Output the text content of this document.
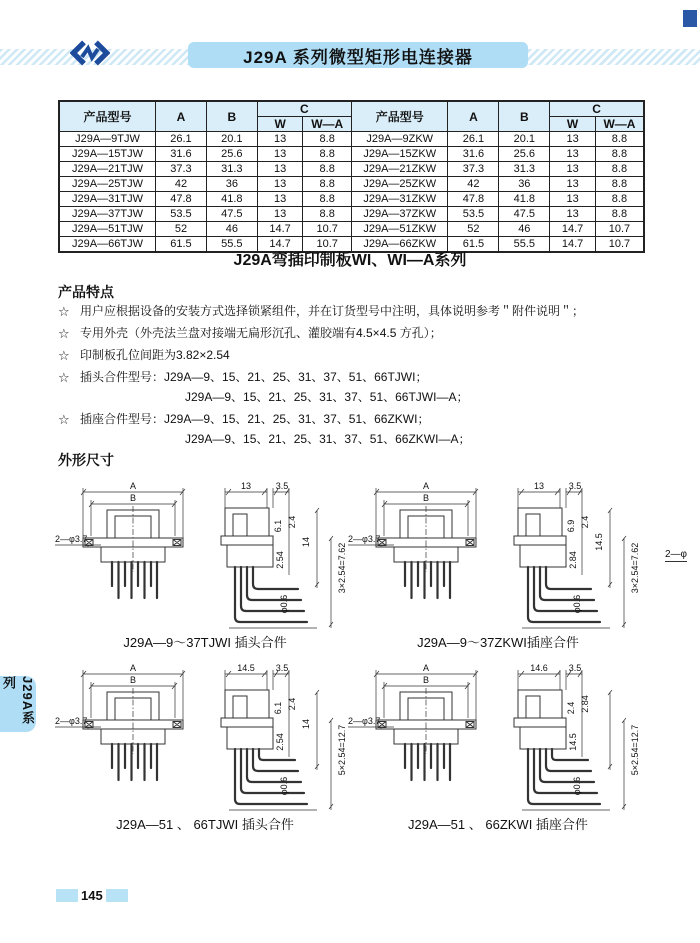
J29A 系列微型矩形电连接器
产品型号	A	B	C		产品型号	A	B	C	
			W	W—A				W	W—A
J29A—9TJW	26.1	20.1	13	8.8	J29A—9ZKW	26.1	20.1	13	8.8
J29A—15TJW	31.6	25.6	13	8.8	J29A—15ZKW	31.6	25.6	13	8.8
J29A—21TJW	37.3	31.3	13	8.8	J29A—21ZKW	37.3	31.3	13	8.8
J29A—25TJW	42	36	13	8.8	J29A—25ZKW	42	36	13	8.8
J29A—31TJW	47.8	41.8	13	8.8	J29A—31ZKW	47.8	41.8	13	8.8
J29A—37TJW	53.5	47.5	13	8.8	J29A—37ZKW	53.5	47.5	13	8.8
J29A—51TJW	52	46	14.7	10.7	J29A—51ZKW	52	46	14.7	10.7
J29A—66TJW	61.5	55.5	14.7	10.7	J29A—66ZKW	61.5	55.5	14.7	10.7
J29A弯插印制板WI、WI—A系列
产品特点
☆ 用户应根据设备的安装方式选择锁紧组件，并在订货型号中注明，具体说明参考＂附件说明＂；
☆ 专用外壳（外壳法兰盘对接端无扁形沉孔、灌胶端有4.5×4.5 方孔）；
☆ 印制板孔位间距为3.82×2.54
☆ 插头合件型号：J29A—9、15、21、25、31、37、51、66TJWI；
J29A—9、15、21、25、31、37、51、66TJWI—A；
☆ 插座合件型号：J29A—9、15、21、25、31、37、51、66ZKWI；
J29A—9、15、21、25、31、37、51、66ZKWI—A；
外形尺寸
A
B
2—φ3.7
13	3.5
6.1 2.4
2.54
14
3×2.54=7.62
φ0.6
J29A—9～37TJWI 插头合件
A
B
2—φ3.7
13	3.5
6.9 2.4
2.84
14.5
3×2.54=7.62
φ0.6
J29A—9～37ZKWI插座合件
A
B
2—φ3.7
14.5 3.5
6.1 2.4
2.54
14
5×2.54=12.7
φ0.6
J29A—51 、 66TJWI 插头合件
A
B
2—φ3.7
14.6 3.5
2.4 2.84
14.5	5×2.54=12.7
φ0.6
J29A—51 、 66ZKWI 插座合件
2—φ
J29A系列
145
